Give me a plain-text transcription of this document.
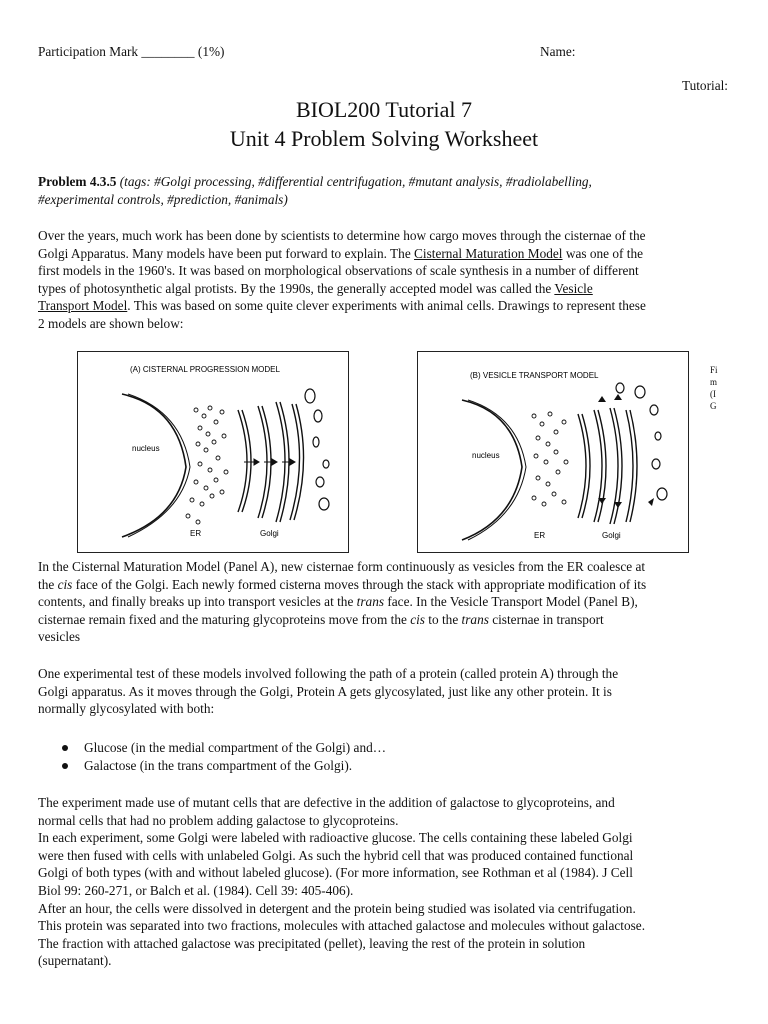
Participation Mark ________ (1%)	Name:
Tutorial:
BIOL200 Tutorial 7
Unit 4 Problem Solving Worksheet
Problem 4.3.5 (tags: #Golgi processing, #differential centrifugation, #mutant analysis, #radiolabelling,
#experimental controls, #prediction, #animals)
Over the years, much work has been done by scientists to determine how cargo moves through the cisternae of the
Golgi Apparatus. Many models have been put forward to explain. The Cisternal Maturation Model was one of the
first models in the 1960's. It was based on morphological observations of scale synthesis in a number of different
types of photosynthetic algal protists. By the 1990s, the generally accepted model was called the Vesicle
Transport Model. This was based on some quite clever experiments with animal cells. Drawings to represent these
2 models are shown below:
(A) CISTERNAL PROGRESSION MODEL
nucleus
ER	Golgi
(B) VESICLE TRANSPORT MODEL
nucleus
ER	Golgi
Fi
m
(I
G
In the Cisternal Maturation Model (Panel A), new cisternae form continuously as vesicles from the ER coalesce at
the cis face of the Golgi. Each newly formed cisterna moves through the stack with appropriate modification of its
contents, and finally breaks up into transport vesicles at the trans face. In the Vesicle Transport Model (Panel B),
cisternae remain fixed and the maturing glycoproteins move from the cis to the trans cisternae in transport
vesicles
One experimental test of these models involved following the path of a protein (called protein A) through the
Golgi apparatus. As it moves through the Golgi, Protein A gets glycosylated, just like any other protein. It is
normally glycosylated with both:
Glucose (in the medial compartment of the Golgi) and…
Galactose (in the trans compartment of the Golgi).
The experiment made use of mutant cells that are defective in the addition of galactose to glycoproteins, and
normal cells that had no problem adding galactose to glycoproteins.
In each experiment, some Golgi were labeled with radioactive glucose. The cells containing these labeled Golgi
were then fused with cells with unlabeled Golgi. As such the hybrid cell that was produced contained functional
Golgi of both types (with and without labeled glucose). (For more information, see Rothman et al (1984). J Cell
Biol 99: 260-271, or Balch et al. (1984). Cell 39: 405-406).
After an hour, the cells were dissolved in detergent and the protein being studied was isolated via centrifugation.
This protein was separated into two fractions, molecules with attached galactose and molecules without galactose.
The fraction with attached galactose was precipitated (pellet), leaving the rest of the protein in solution
(supernatant).
